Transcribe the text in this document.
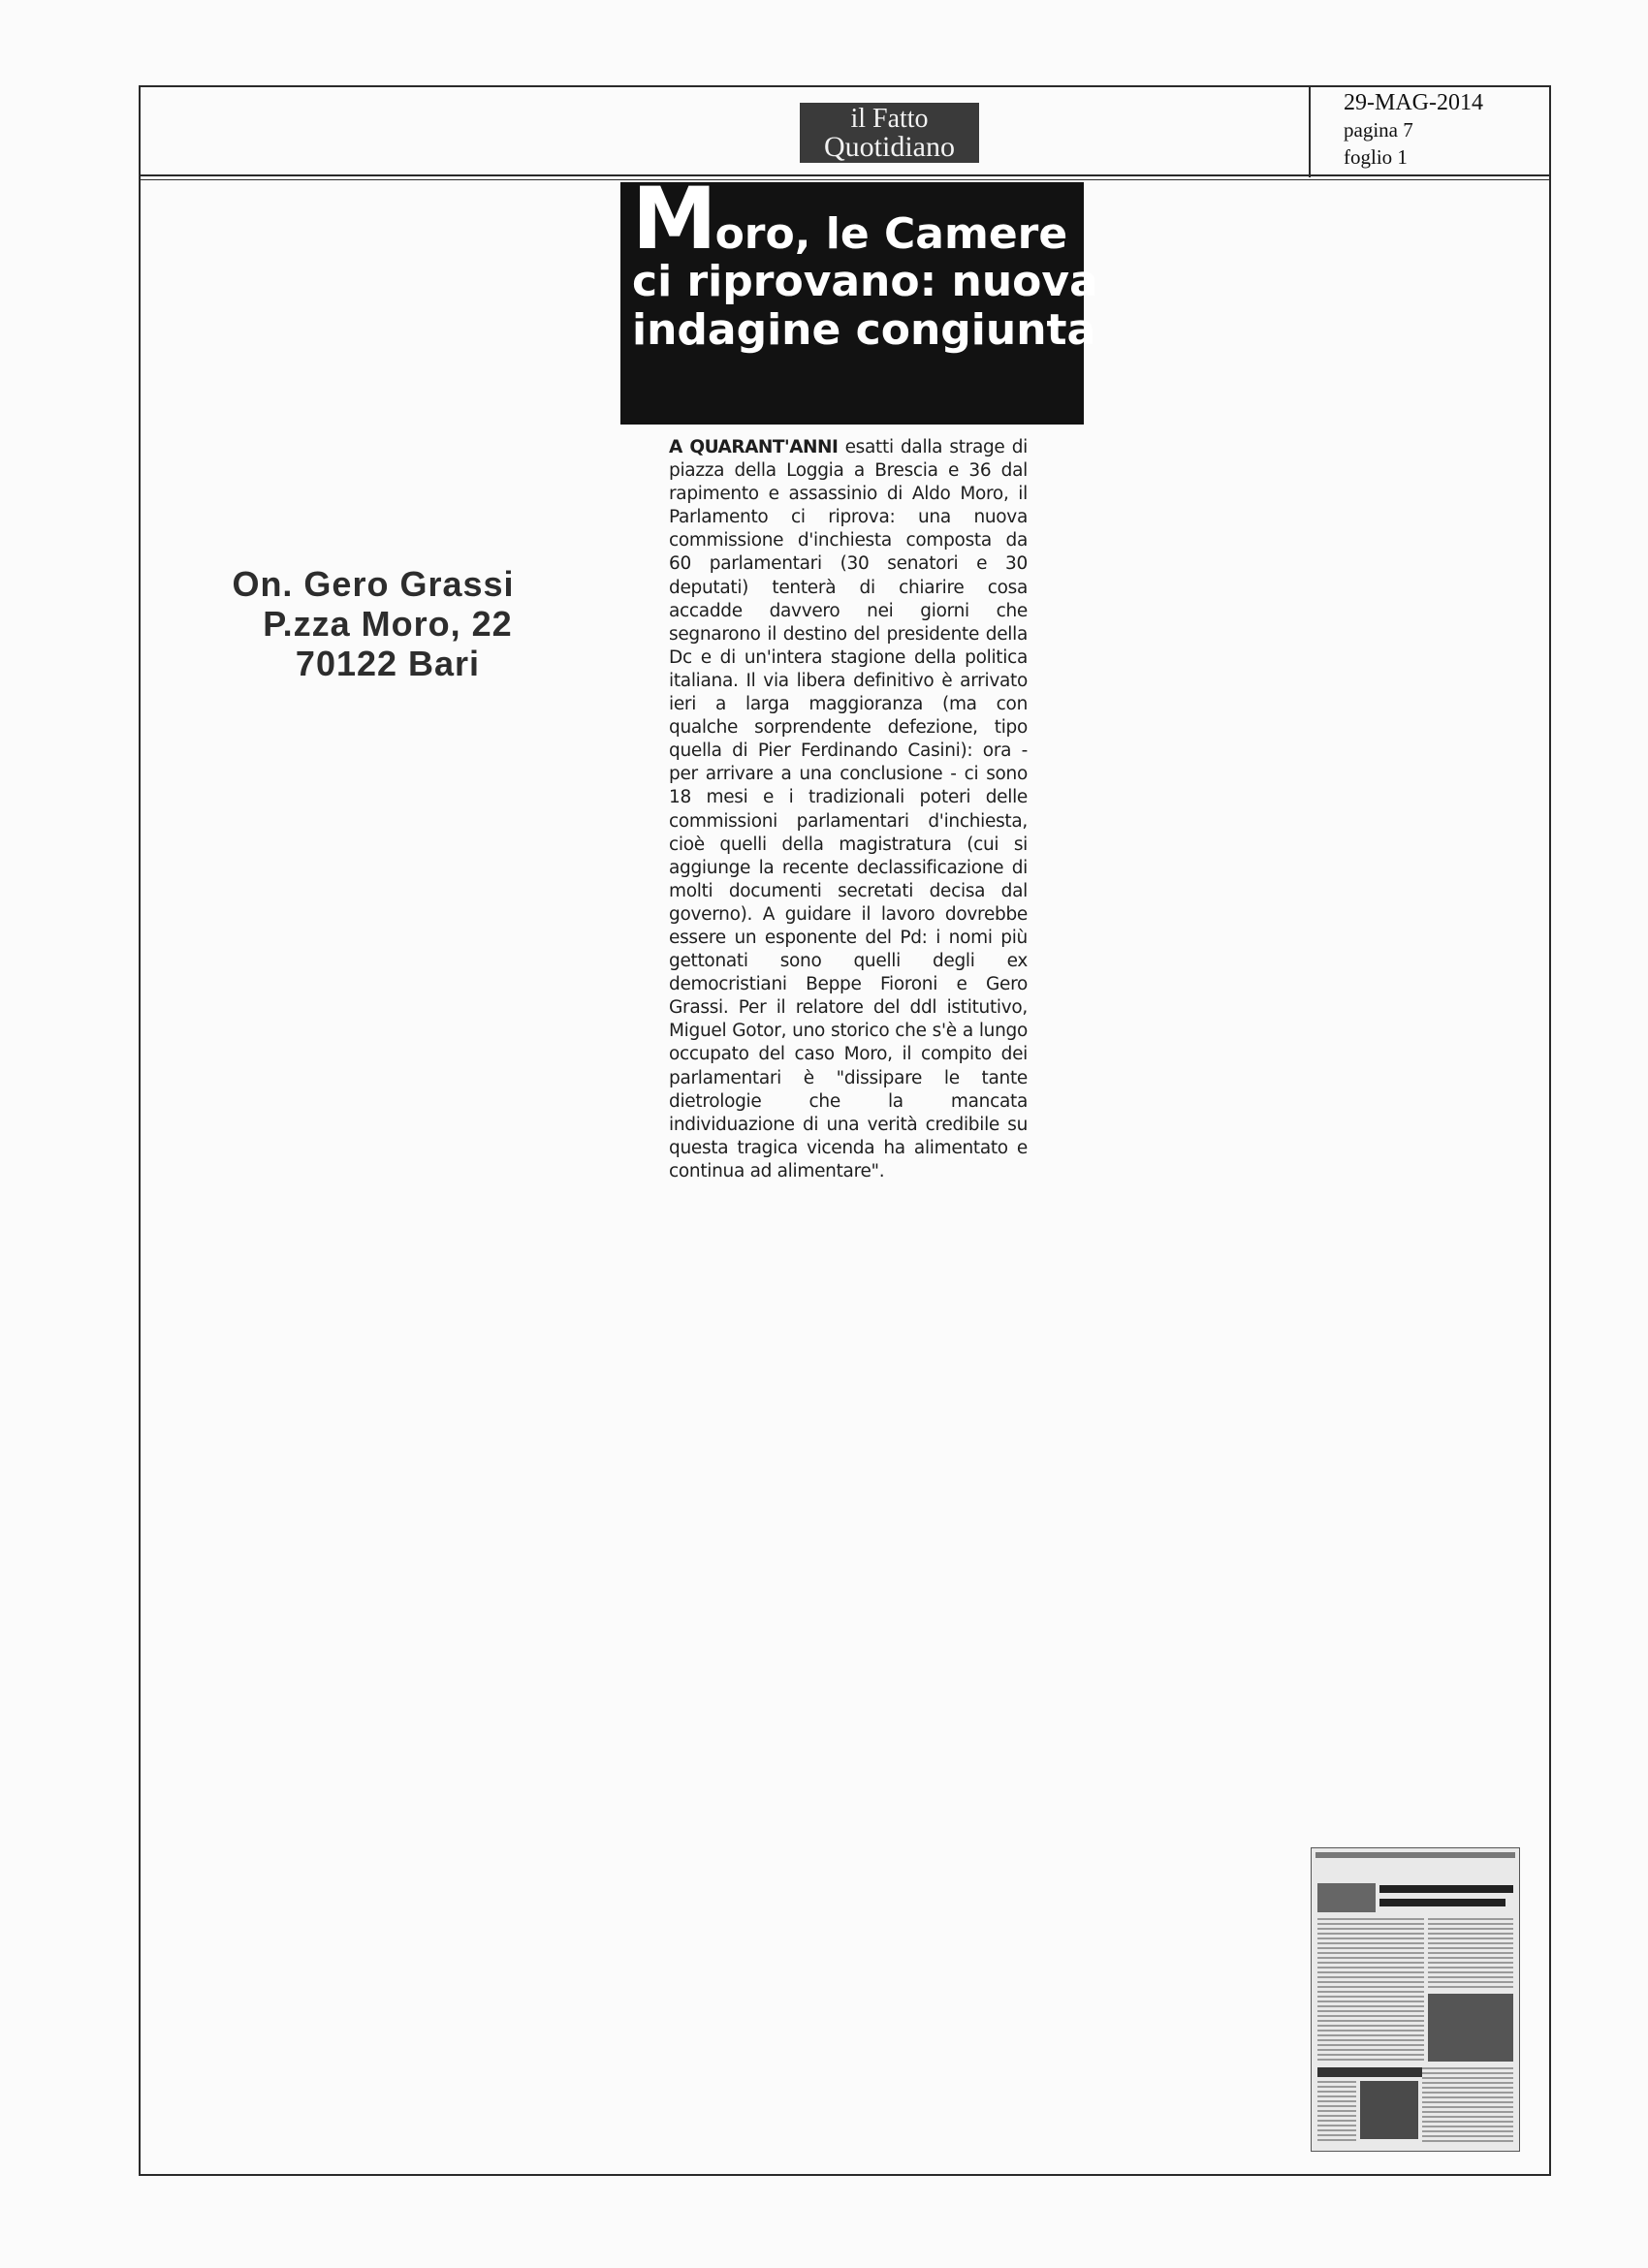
il Fatto
Quotidiano
29-MAG-2014
pagina 7
foglio 1
Moro, le Camere
ci riprovano: nuova
indagine congiunta
On. Gero Grassi
P.zza Moro, 22
70122 Bari
A QUARANT'ANNI esatti dalla strage di piazza della Loggia a Brescia e 36 dal rapimento e assassinio di Aldo Moro, il Parlamento ci riprova: una nuova commissione d'inchiesta composta da 60 parlamentari (30 senatori e 30 deputati) tenterà di chiarire cosa accadde davvero nei giorni che segnarono il destino del presidente della Dc e di un'intera stagione della politica italiana. Il via libera definitivo è arrivato ieri a larga maggioranza (ma con qualche sorprendente defezione, tipo quella di Pier Ferdinando Casini): ora - per arrivare a una conclusione - ci sono 18 mesi e i tradizionali poteri delle commissioni parlamentari d'inchiesta, cioè quelli della magistratura (cui si aggiunge la recente declassificazione di molti documenti secretati decisa dal governo). A guidare il lavoro dovrebbe essere un esponente del Pd: i nomi più gettonati sono quelli degli ex democristiani Beppe Fioroni e Gero Grassi. Per il relatore del ddl istitutivo, Miguel Gotor, uno storico che s'è a lungo occupato del caso Moro, il compito dei parlamentari è "dissipare le tante dietrologie che la mancata individuazione di una verità credibile su questa tragica vicenda ha alimentato e continua ad alimentare".
